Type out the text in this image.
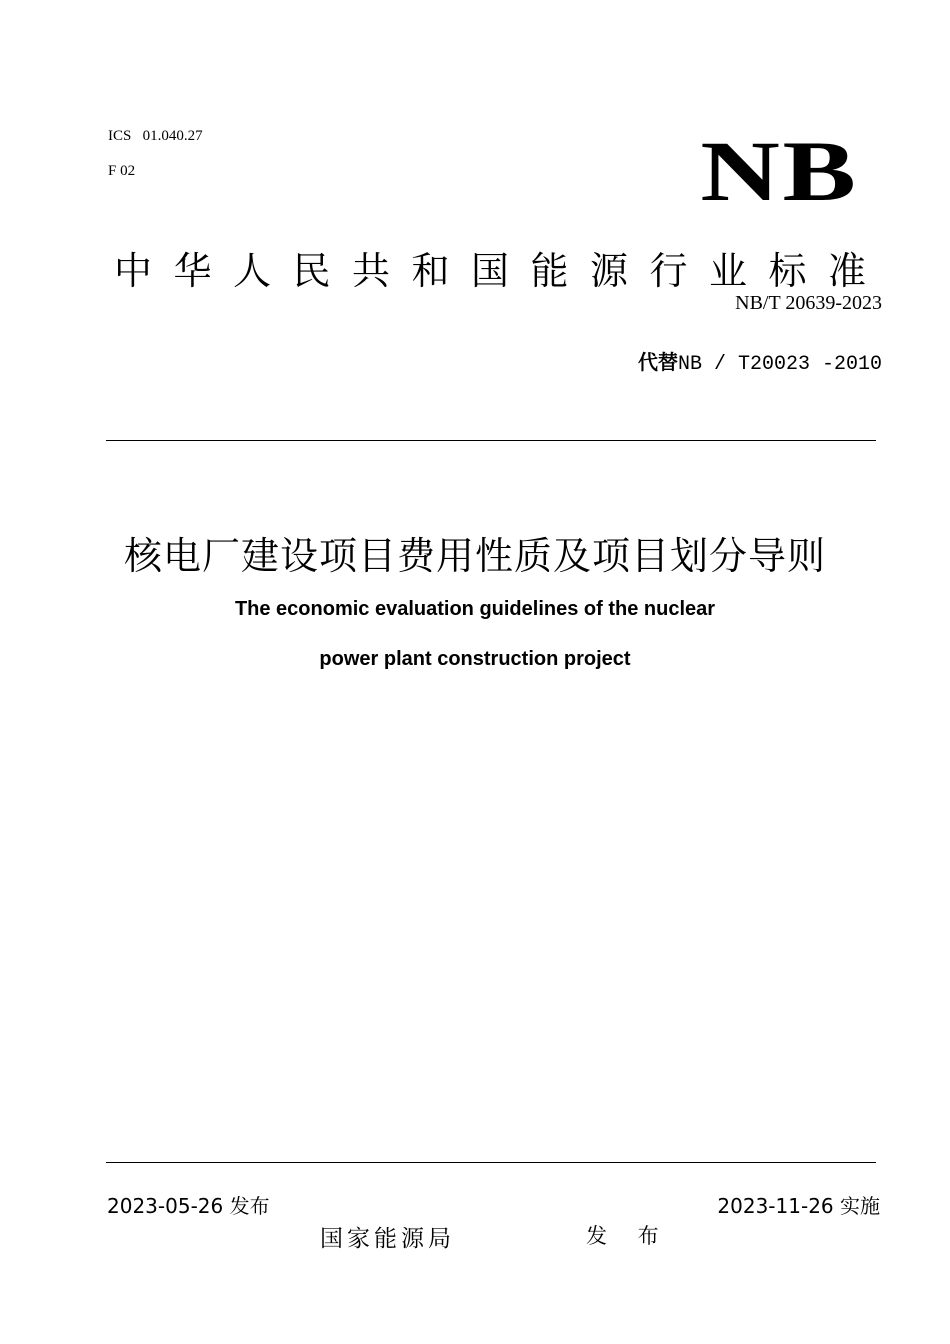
ICS   01.040.27
F 02	NB
中华人民共和国能源行业标准
NB/T 20639-2023
代替NB / T20023 -2010
核电厂建设项目费用性质及项目划分导则
The economic evaluation guidelines of the nuclear
power plant construction project
2023-05-26 发布	2023-11-26 实施
国家能源局	发 布
